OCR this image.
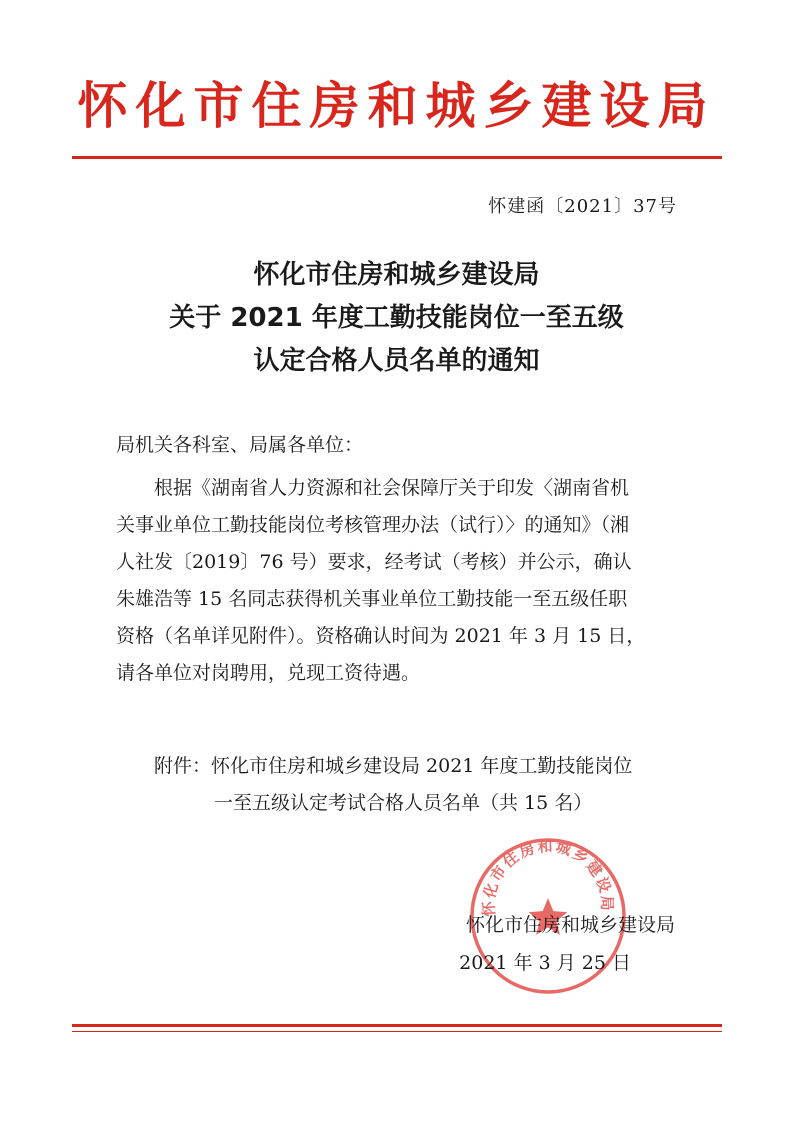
怀化市住房和城乡建设局
怀建函〔2021〕37号
怀化市住房和城乡建设局
关于 2021 年度工勤技能岗位一至五级
认定合格人员名单的通知
局机关各科室、局属各单位：
根据《湖南省人力资源和社会保障厅关于印发〈湖南省机
关事业单位工勤技能岗位考核管理办法（试行）〉的通知》（湘
人社发〔2019〕76 号）要求，经考试（考核）并公示，确认
朱雄浩等 15 名同志获得机关事业单位工勤技能一至五级任职
资格（名单详见附件）。资格确认时间为 2021 年 3 月 15 日，
请各单位对岗聘用，兑现工资待遇。
附件：怀化市住房和城乡建设局 2021 年度工勤技能岗位
一至五级认定考试合格人员名单（共 15 名）
怀化市住房和城乡建设局
怀化市住房和城乡建设局
2021 年 3 月 25 日
